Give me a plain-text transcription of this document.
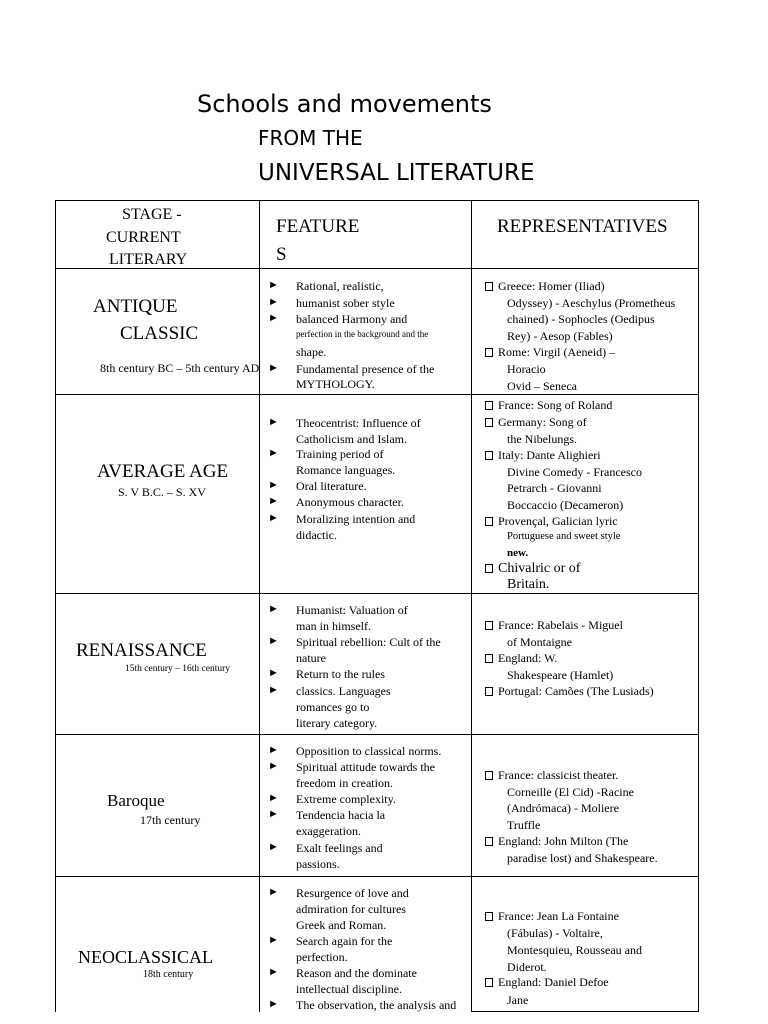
Schools and movements
FROM THE
UNIVERSAL LITERATURE
STAGE -
CURRENT
LITERARY
FEATURE
S
REPRESENTATIVES
ANTIQUE
CLASSIC
8th century BC – 5th century AD
► Rational, realistic,
► humanist sober style
► balanced Harmony and
perfection in the background and the
shape.
► Fundamental presence of the
MYTHOLOGY.
Greece: Homer (Iliad)
Odyssey) - Aeschylus (Prometheus
chained) - Sophocles (Oedipus
Rey) - Aesop (Fables)
Rome: Virgil (Aeneid) –
Horacio
Ovid – Seneca
AVERAGE AGE
S. V B.C. – S. XV
► Theocentrist: Influence of
Catholicism and Islam.
► Training period of
Romance languages.
► Oral literature.
► Anonymous character.
► Moralizing intention and
didactic.
France: Song of Roland
Germany: Song of
the Nibelungs.
Italy: Dante Alighieri
Divine Comedy - Francesco
Petrarch - Giovanni
Boccaccio (Decameron)
Provençal, Galician lyric
Portuguese and sweet style
new.
Chivalric or of
Britain.
RENAISSANCE
15th century – 16th century
► Humanist: Valuation of
man in himself.
► Spiritual rebellion: Cult of the
nature
► Return to the rules
► classics. Languages
romances go to
literary category.
France: Rabelais - Miguel
of Montaigne
England: W.
Shakespeare (Hamlet)
Portugal: Camões (The Lusiads)
Baroque
17th century
► Opposition to classical norms.
► Spiritual attitude towards the
freedom in creation.
► Extreme complexity.
► Tendencia hacia la
exaggeration.
► Exalt feelings and
passions.
France: classicist theater.
Corneille (El Cid) -Racine
(Andrómaca) - Moliere
Truffle
England: John Milton (The
paradise lost) and Shakespeare.
NEOCLASSICAL
18th century
► Resurgence of love and
admiration for cultures
Greek and Roman.
► Search again for the
perfection.
► Reason and the dominate
intellectual discipline.
► The observation, the analysis and
France: Jean La Fontaine
(Fábulas) - Voltaire,
Montesquieu, Rousseau and
Diderot.
England: Daniel Defoe
Jane
